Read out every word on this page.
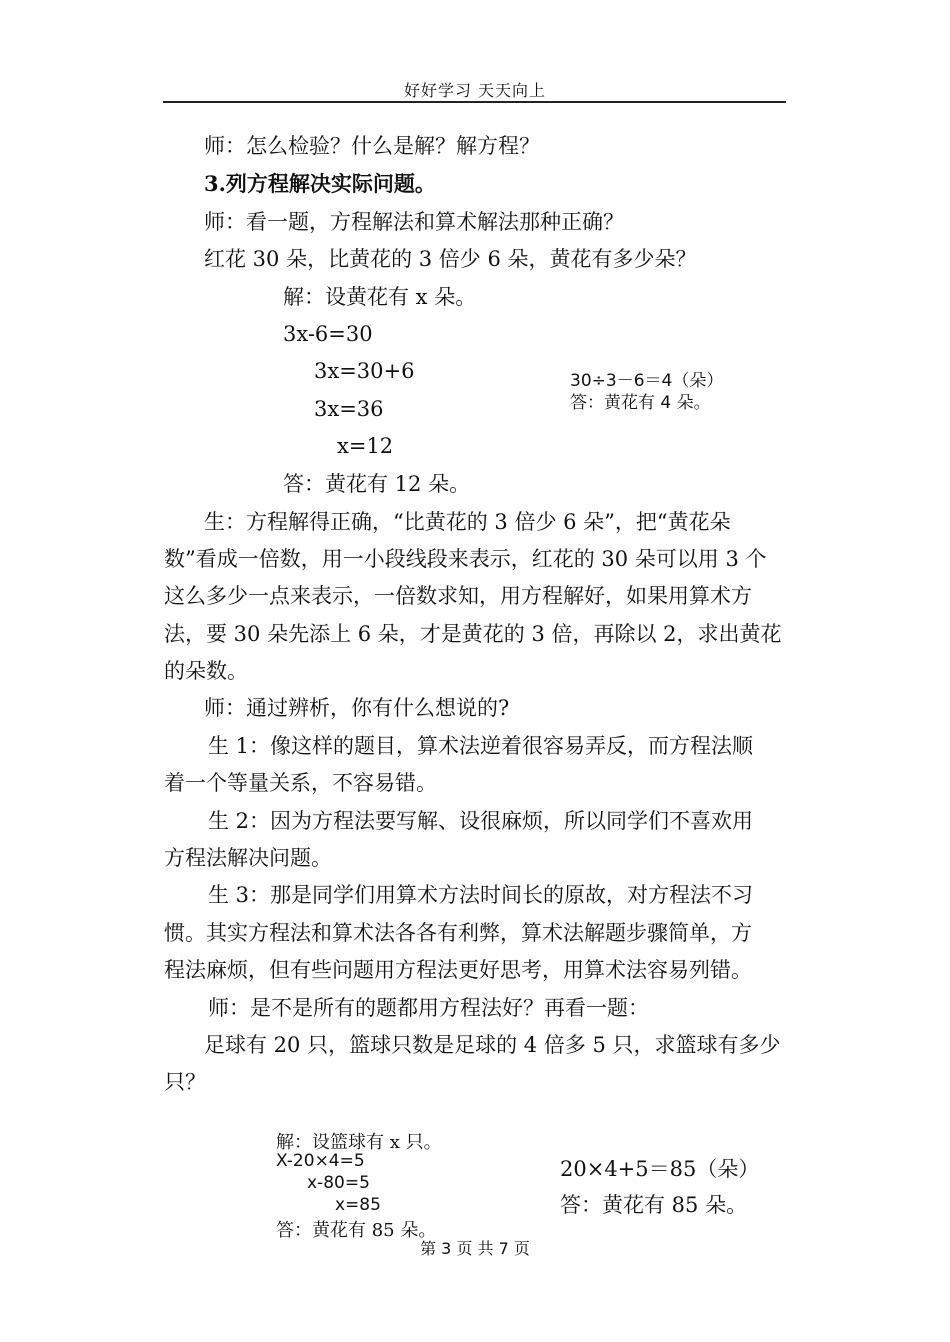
好好学习 天天向上
师：怎么检验？什么是解？解方程？
3.列方程解决实际问题。
师：看一题，方程解法和算术解法那种正确？
红花 30 朵，比黄花的 3 倍少 6 朵，黄花有多少朵？
解：设黄花有 x 朵。
3x-6=30
3x=30+6
3x=36
x=12
答：黄花有 12 朵。
30÷3－6＝4（朵）
答：黄花有 4 朵。
生：方程解得正确，“比黄花的 3 倍少 6 朵”，把“黄花朵
数”看成一倍数，用一小段线段来表示，红花的 30 朵可以用 3 个
这么多少一点来表示，一倍数求知，用方程解好，如果用算术方
法，要 30 朵先添上 6 朵，才是黄花的 3 倍，再除以 2，求出黄花
的朵数。
师：通过辨析，你有什么想说的?
生 1：像这样的题目，算术法逆着很容易弄反，而方程法顺
着一个等量关系，不容易错。
生 2：因为方程法要写解、设很麻烦，所以同学们不喜欢用
方程法解决问题。
生 3：那是同学们用算术方法时间长的原故，对方程法不习
惯。其实方程法和算术法各各有利弊，算术法解题步骤简单，方
程法麻烦，但有些问题用方程法更好思考，用算术法容易列错。
师：是不是所有的题都用方程法好？再看一题：
足球有 20 只，篮球只数是足球的 4 倍多 5 只，求篮球有多少
只？
解：设篮球有 x 只。
X-20×4=5
x-80=5
x=85
答：黄花有 85 朵。
20×4+5＝85（朵）
答：黄花有 85 朵。
第 3 页 共 7 页
